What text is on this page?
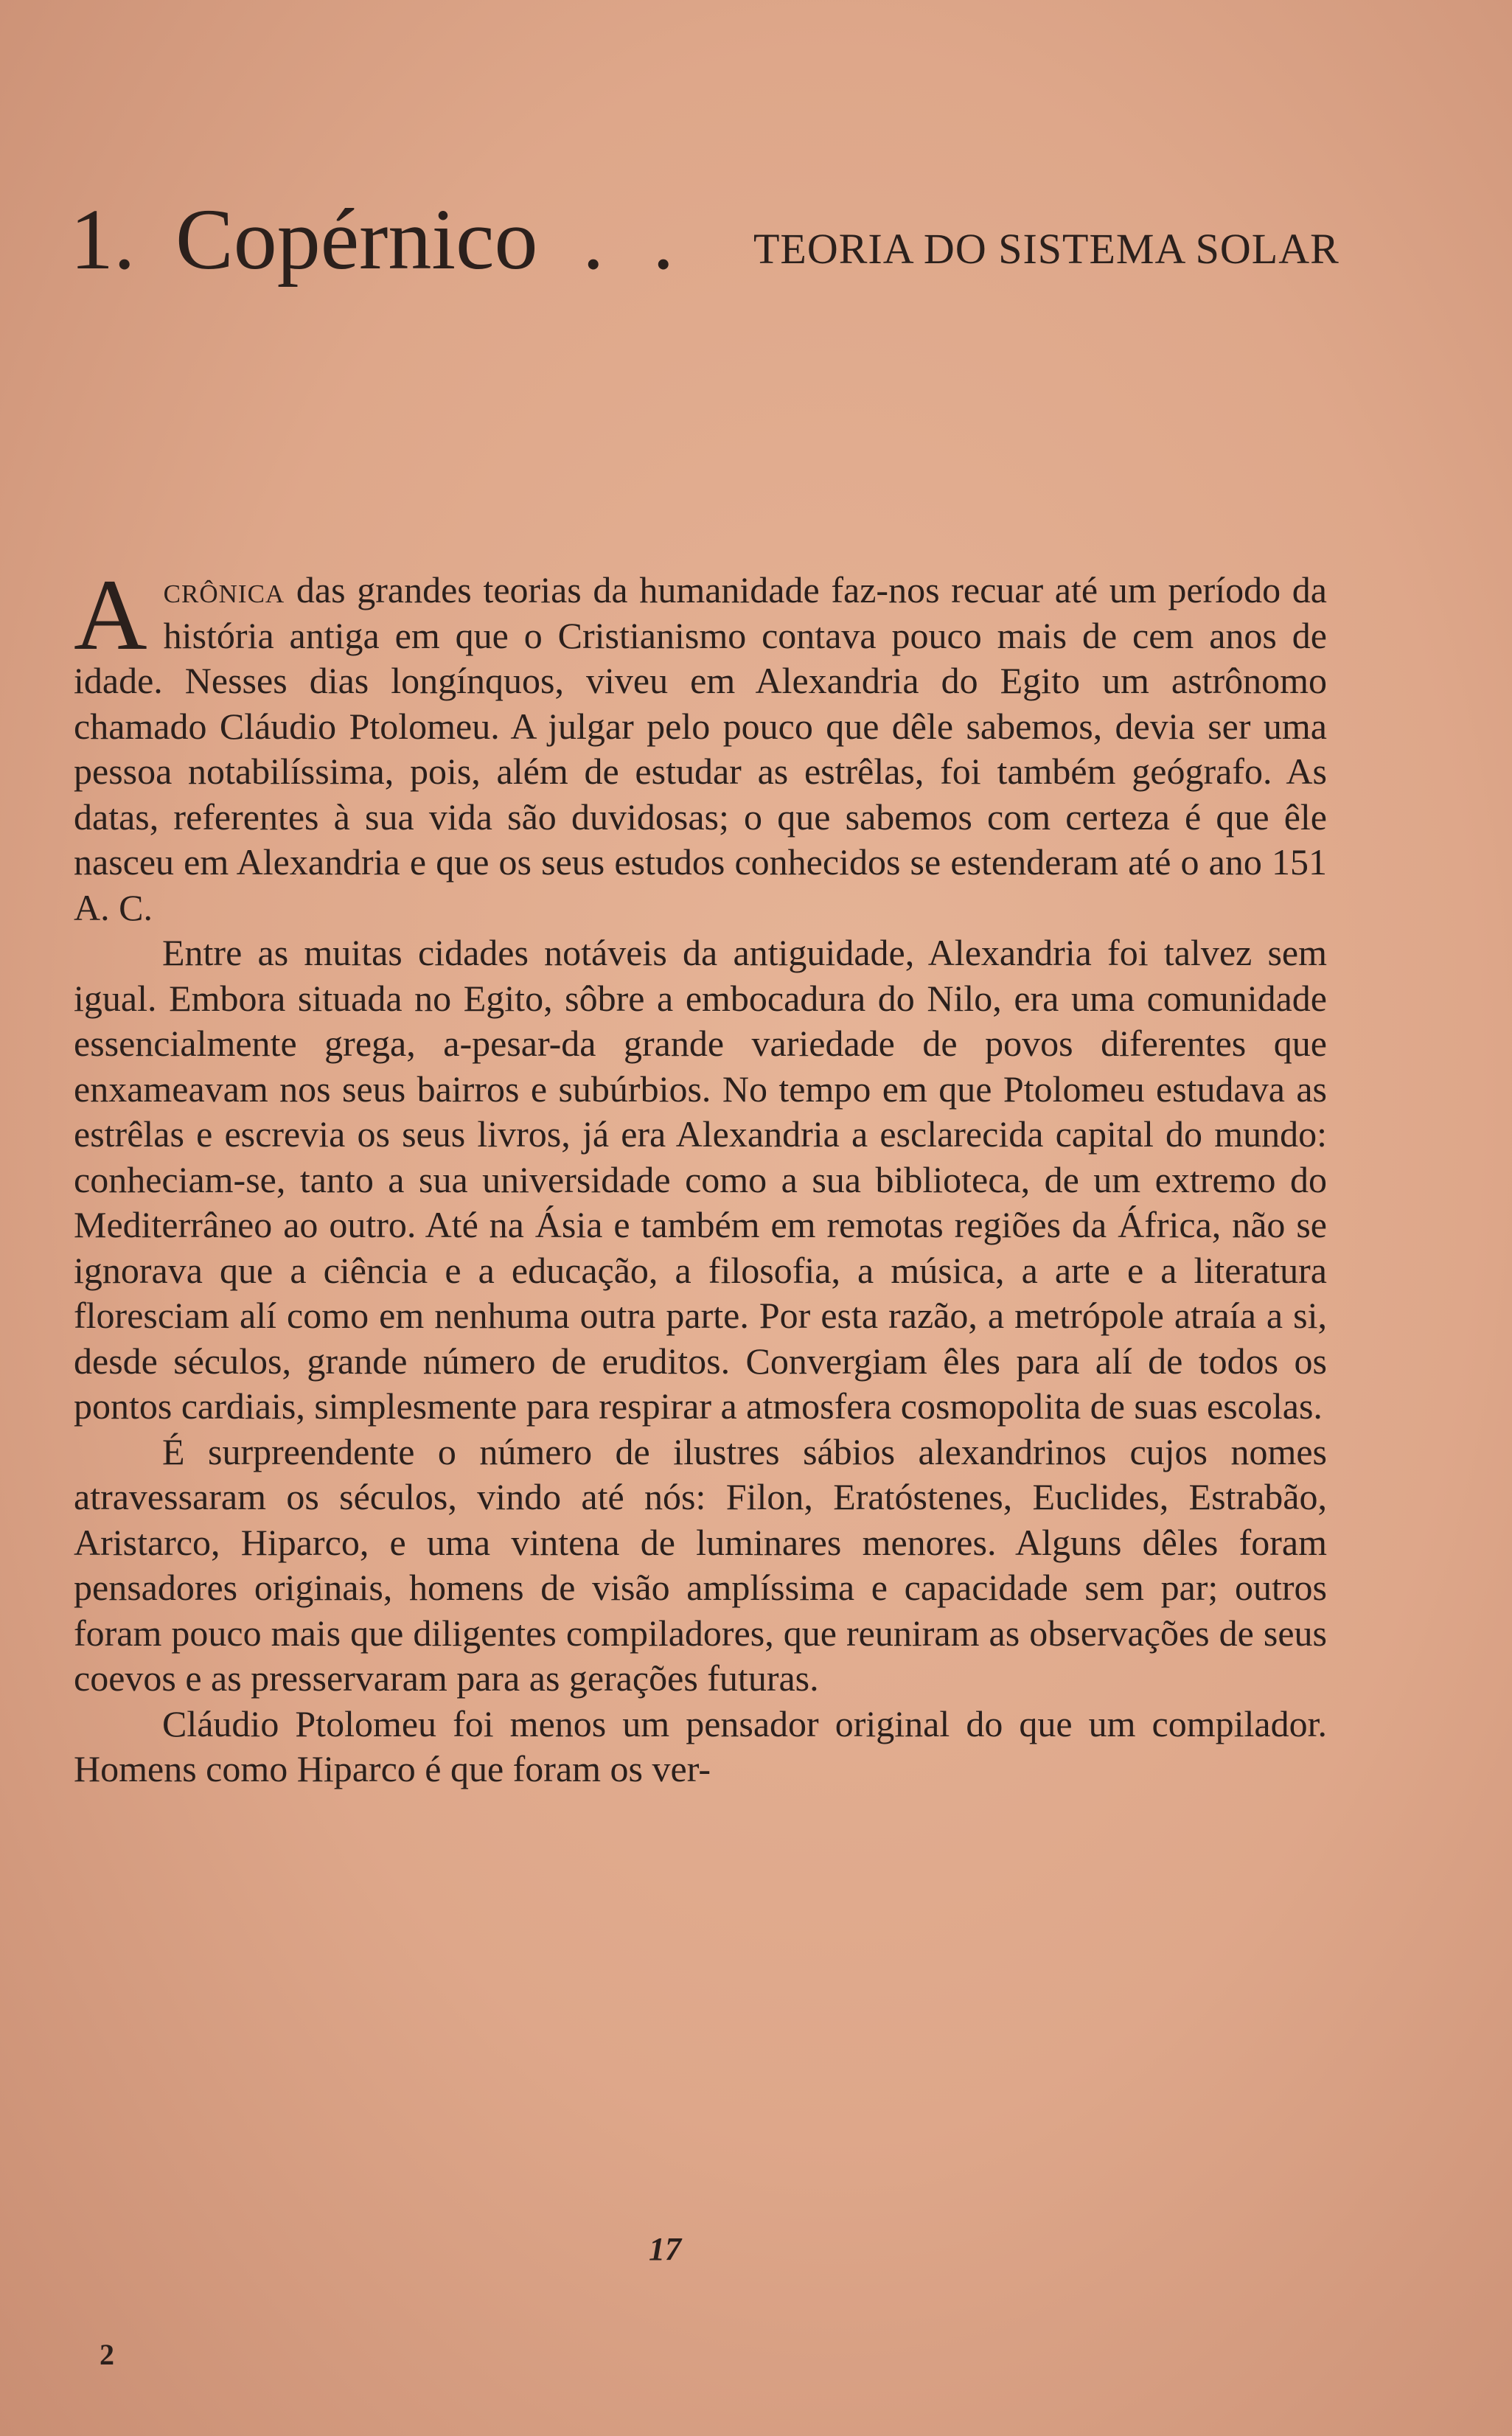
1. Copérnico . . TEORIA DO SISTEMA SOLAR

Acrônica das grandes teorias da humanidade faz-nos recuar até um período da história antiga em que o Cristianismo contava pouco mais de cem anos de idade. Nesses dias longínquos, viveu em Alexandria do Egito um astrônomo chamado Cláudio Ptolomeu. A julgar pelo pouco que dêle sabemos, devia ser uma pessoa notabilíssima, pois, além de estudar as estrêlas, foi também geógrafo. As datas, referentes à sua vida são duvidosas; o que sabemos com certeza é que êle nasceu em Alexandria e que os seus estudos conhecidos se estenderam até o ano 151 A. C.

Entre as muitas cidades notáveis da antiguidade, Alexandria foi talvez sem igual. Embora situada no Egito, sôbre a embocadura do Nilo, era uma comunidade essencialmente grega, a-pesar-da grande variedade de povos diferentes que enxameavam nos seus bairros e subúrbios. No tempo em que Ptolomeu estudava as estrêlas e escrevia os seus livros, já era Alexandria a esclarecida capital do mundo: conheciam-se, tanto a sua universidade como a sua biblioteca, de um extremo do Mediterrâneo ao outro. Até na Ásia e também em remotas regiões da África, não se ignorava que a ciência e a educação, a filosofia, a música, a arte e a literatura floresciam alí como em nenhuma outra parte. Por esta razão, a metrópole atraía a si, desde séculos, grande número de eruditos. Convergiam êles para alí de todos os pontos cardiais, simplesmente para respirar a atmosfera cosmopolita de suas escolas.

É surpreendente o número de ilustres sábios alexandrinos cujos nomes atravessaram os séculos, vindo até nós: Filon, Eratóstenes, Euclides, Estrabão, Aristarco, Hiparco, e uma vintena de luminares menores. Alguns dêles foram pensadores originais, homens de visão amplíssima e capacidade sem par; outros foram pouco mais que diligentes compiladores, que reuniram as observações de seus coevos e as presservaram para as gerações futuras.

Cláudio Ptolomeu foi menos um pensador original do que um compilador. Homens como Hiparco é que foram os ver-

17
2
